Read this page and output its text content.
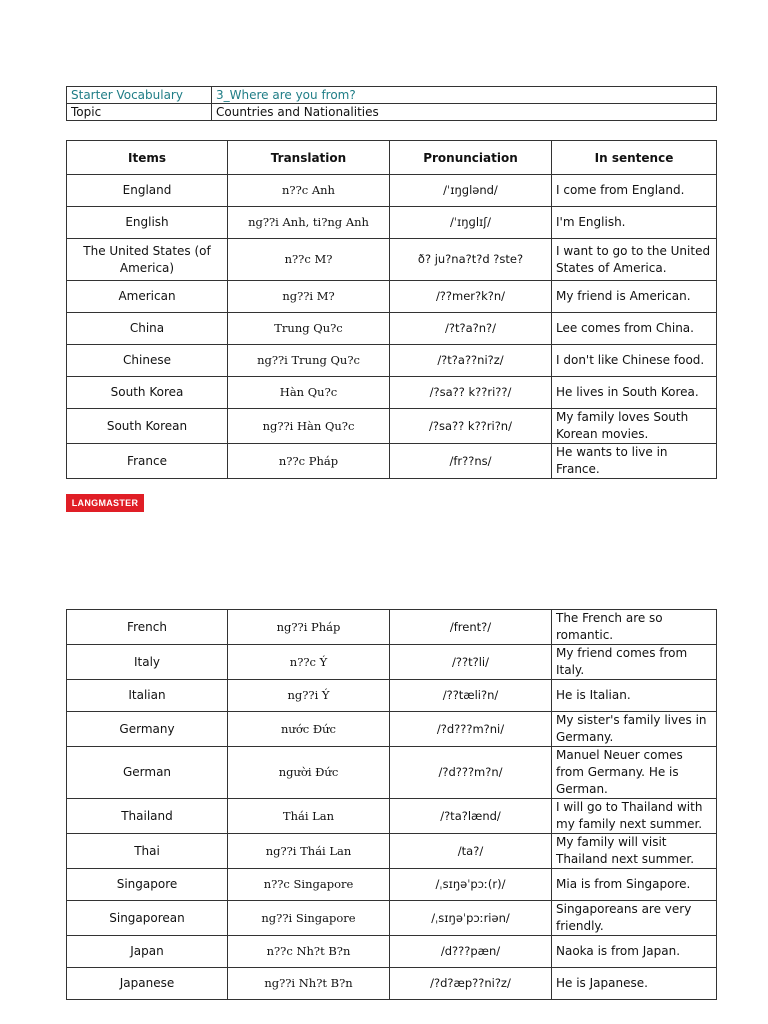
Starter Vocabulary	3_Where are you from?
Topic	Countries and Nationalities
Items	Translation	Pronunciation	In sentence
England	n??c Anh	/ˈɪŋɡlənd/	I come from England.
English	ng??i Anh, ti?ng Anh	/ˈɪŋɡlɪʃ/	I'm English.
The United States (of America)	n??c M?	ð? ju?na?t?d ?ste?	I want to go to the United States of America.
American	ng??i M?	/??mer?k?n/	My friend is American.
China	Trung Qu?c	/?t?a?n?/	Lee comes from China.
Chinese	ng??i Trung Qu?c	/?t?a??ni?z/	I don't like Chinese food.
South Korea	Hàn Qu?c	/?sa?? k??ri??/	He lives in South Korea.
South Korean	ng??i Hàn Qu?c	/?sa?? k??ri?n/	My family loves South Korean movies.
France	n??c Pháp	/fr??ns/	He wants to live in France.
LANGMASTER
French	ng??i Pháp	/frent?/	The French are so romantic.
Italy	n??c Ý	/??t?li/	My friend comes from Italy.
Italian	ng??i Ý	/??tæli?n/	He is Italian.
Germany	nước Đức	/?d???m?ni/	My sister's family lives in Germany.
German	người Đức	/?d???m?n/	Manuel Neuer comes from Germany. He is German.
Thailand	Thái Lan	/?ta?lænd/	I will go to Thailand with my family next summer.
Thai	ng??i Thái Lan	/ta?/	My family will visit Thailand next summer.
Singapore	n??c Singapore	/ˌsɪŋəˈpɔː(r)/	Mia is from Singapore.
Singaporean	ng??i Singapore	/ˌsɪŋəˈpɔːriən/	Singaporeans are very friendly.
Japan	n??c Nh?t B?n	/d???pæn/	Naoka is from Japan.
Japanese	ng??i Nh?t B?n	/?d?æp??ni?z/	He is Japanese.
